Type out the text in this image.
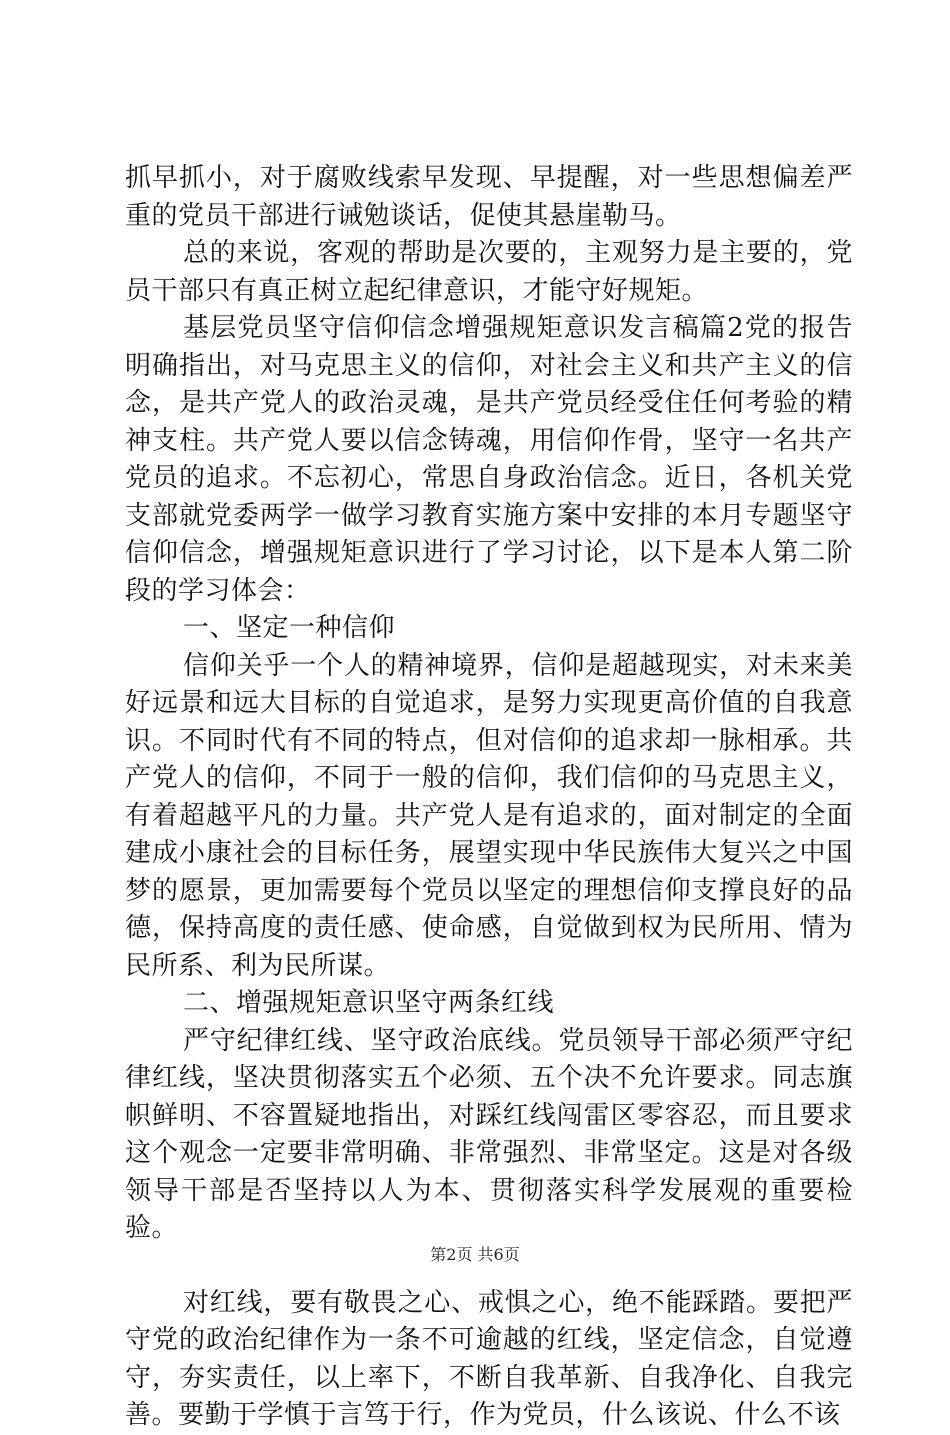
抓早抓小，对于腐败线索早发现、早提醒，对一些思想偏差严重的党员干部进行诫勉谈话，促使其悬崖勒马。

总的来说，客观的帮助是次要的，主观努力是主要的，党员干部只有真正树立起纪律意识，才能守好规矩。

基层党员坚守信仰信念增强规矩意识发言稿篇2党的报告明确指出，对马克思主义的信仰，对社会主义和共产主义的信念，是共产党人的政治灵魂，是共产党员经受住任何考验的精神支柱。共产党人要以信念铸魂，用信仰作骨，坚守一名共产党员的追求。不忘初心，常思自身政治信念。近日，各机关党支部就党委两学一做学习教育实施方案中安排的本月专题坚守信仰信念，增强规矩意识进行了学习讨论，以下是本人第二阶段的学习体会：

一、坚定一种信仰

信仰关乎一个人的精神境界，信仰是超越现实，对未来美好远景和远大目标的自觉追求，是努力实现更高价值的自我意识。不同时代有不同的特点，但对信仰的追求却一脉相承。共产党人的信仰，不同于一般的信仰，我们信仰的马克思主义，有着超越平凡的力量。共产党人是有追求的，面对制定的全面建成小康社会的目标任务，展望实现中华民族伟大复兴之中国梦的愿景，更加需要每个党员以坚定的理想信仰支撑良好的品德，保持高度的责任感、使命感，自觉做到权为民所用、情为民所系、利为民所谋。

二、增强规矩意识坚守两条红线

严守纪律红线、坚守政治底线。党员领导干部必须严守纪律红线，坚决贯彻落实五个必须、五个决不允许要求。同志旗帜鲜明、不容置疑地指出，对踩红线闯雷区零容忍，而且要求这个观念一定要非常明确、非常强烈、非常坚定。这是对各级领导干部是否坚持以人为本、贯彻落实科学发展观的重要检验。

对红线，要有敬畏之心、戒惧之心，绝不能踩踏。要把严守党的政治纪律作为一条不可逾越的红线，坚定信念，自觉遵守，夯实责任，以上率下，不断自我革新、自我净化、自我完善。要勤于学慎于言笃于行，作为党员，什么该说、什么不该

第2页 共6页
